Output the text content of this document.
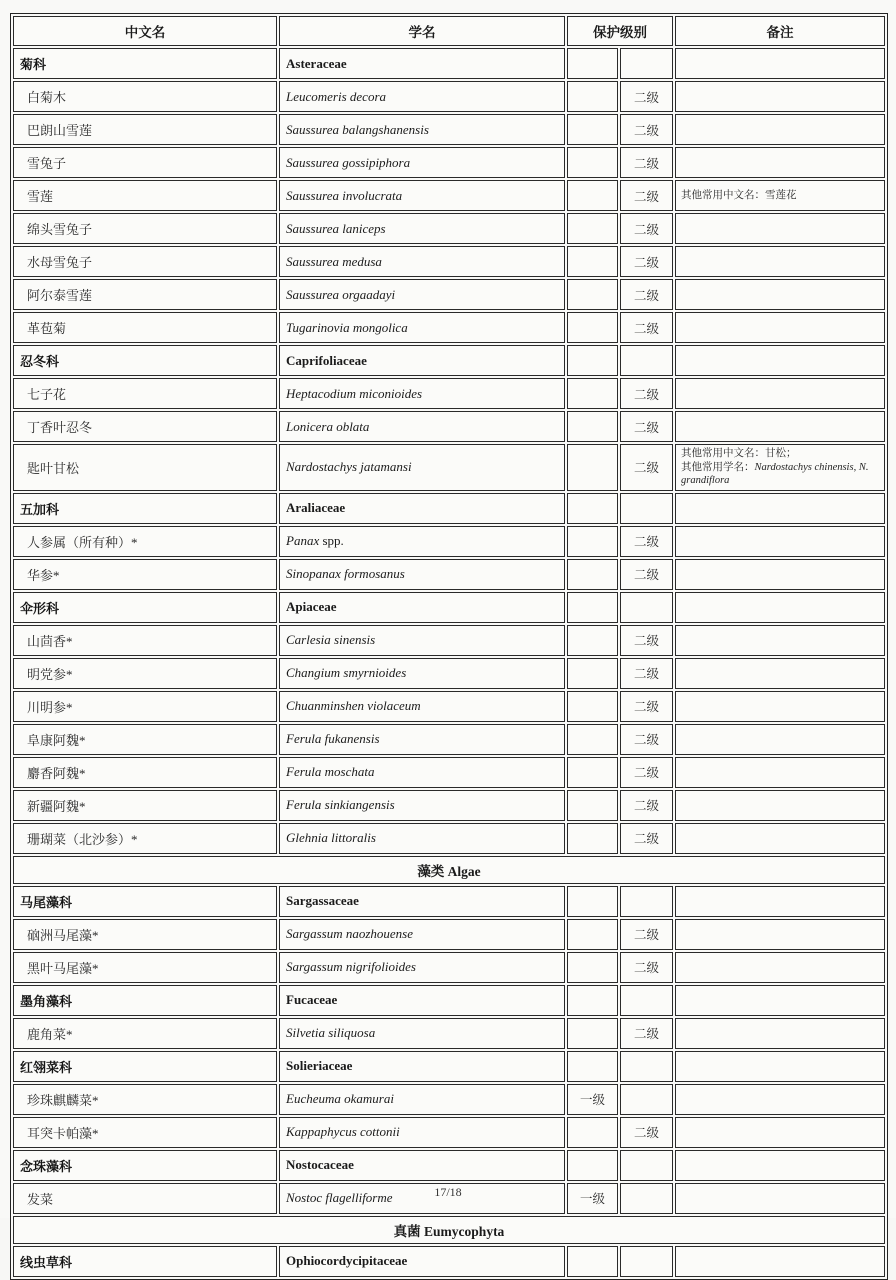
中文名	学名	保护级别		备注
菊科	Asteraceae			
白菊木	Leucomeris decora		二级	
巴朗山雪莲	Saussurea balangshanensis		二级	
雪兔子	Saussurea gossipiphora		二级	
雪莲	Saussurea involucrata		二级	其他常用中文名：雪莲花
绵头雪兔子	Saussurea laniceps		二级	
水母雪兔子	Saussurea medusa		二级	
阿尔泰雪莲	Saussurea orgaadayi		二级	
革苞菊	Tugarinovia mongolica		二级	
忍冬科	Caprifoliaceae			
七子花	Heptacodium miconioides		二级	
丁香叶忍冬	Lonicera oblata		二级	
匙叶甘松	Nardostachys jatamansi		二级	其他常用中文名：甘松；
其他常用学名：Nardostachys chinensis, N. grandiflora
五加科	Araliaceae			
人参属（所有种）*	Panax spp.		二级	
华参*	Sinopanax formosanus		二级	
伞形科	Apiaceae			
山茴香*	Carlesia sinensis		二级	
明党参*	Changium smyrnioides		二级	
川明参*	Chuanminshen violaceum		二级	
阜康阿魏*	Ferula fukanensis		二级	
麝香阿魏*	Ferula moschata		二级	
新疆阿魏*	Ferula sinkiangensis		二级	
珊瑚菜（北沙参）*	Glehnia littoralis		二级	
藻类 Algae				
马尾藻科	Sargassaceae			
硇洲马尾藻*	Sargassum naozhouense		二级	
黑叶马尾藻*	Sargassum nigrifolioides		二级	
墨角藻科	Fucaceae			
鹿角菜*	Silvetia siliquosa		二级	
红翎菜科	Solieriaceae			
珍珠麒麟菜*	Eucheuma okamurai	一级		
耳突卡帕藻*	Kappaphycus cottonii		二级	
念珠藻科	Nostocaceae			
发菜	Nostoc flagelliforme	一级		
真菌 Eumycophyta				
线虫草科	Ophiocordycipitaceae			
17/18
